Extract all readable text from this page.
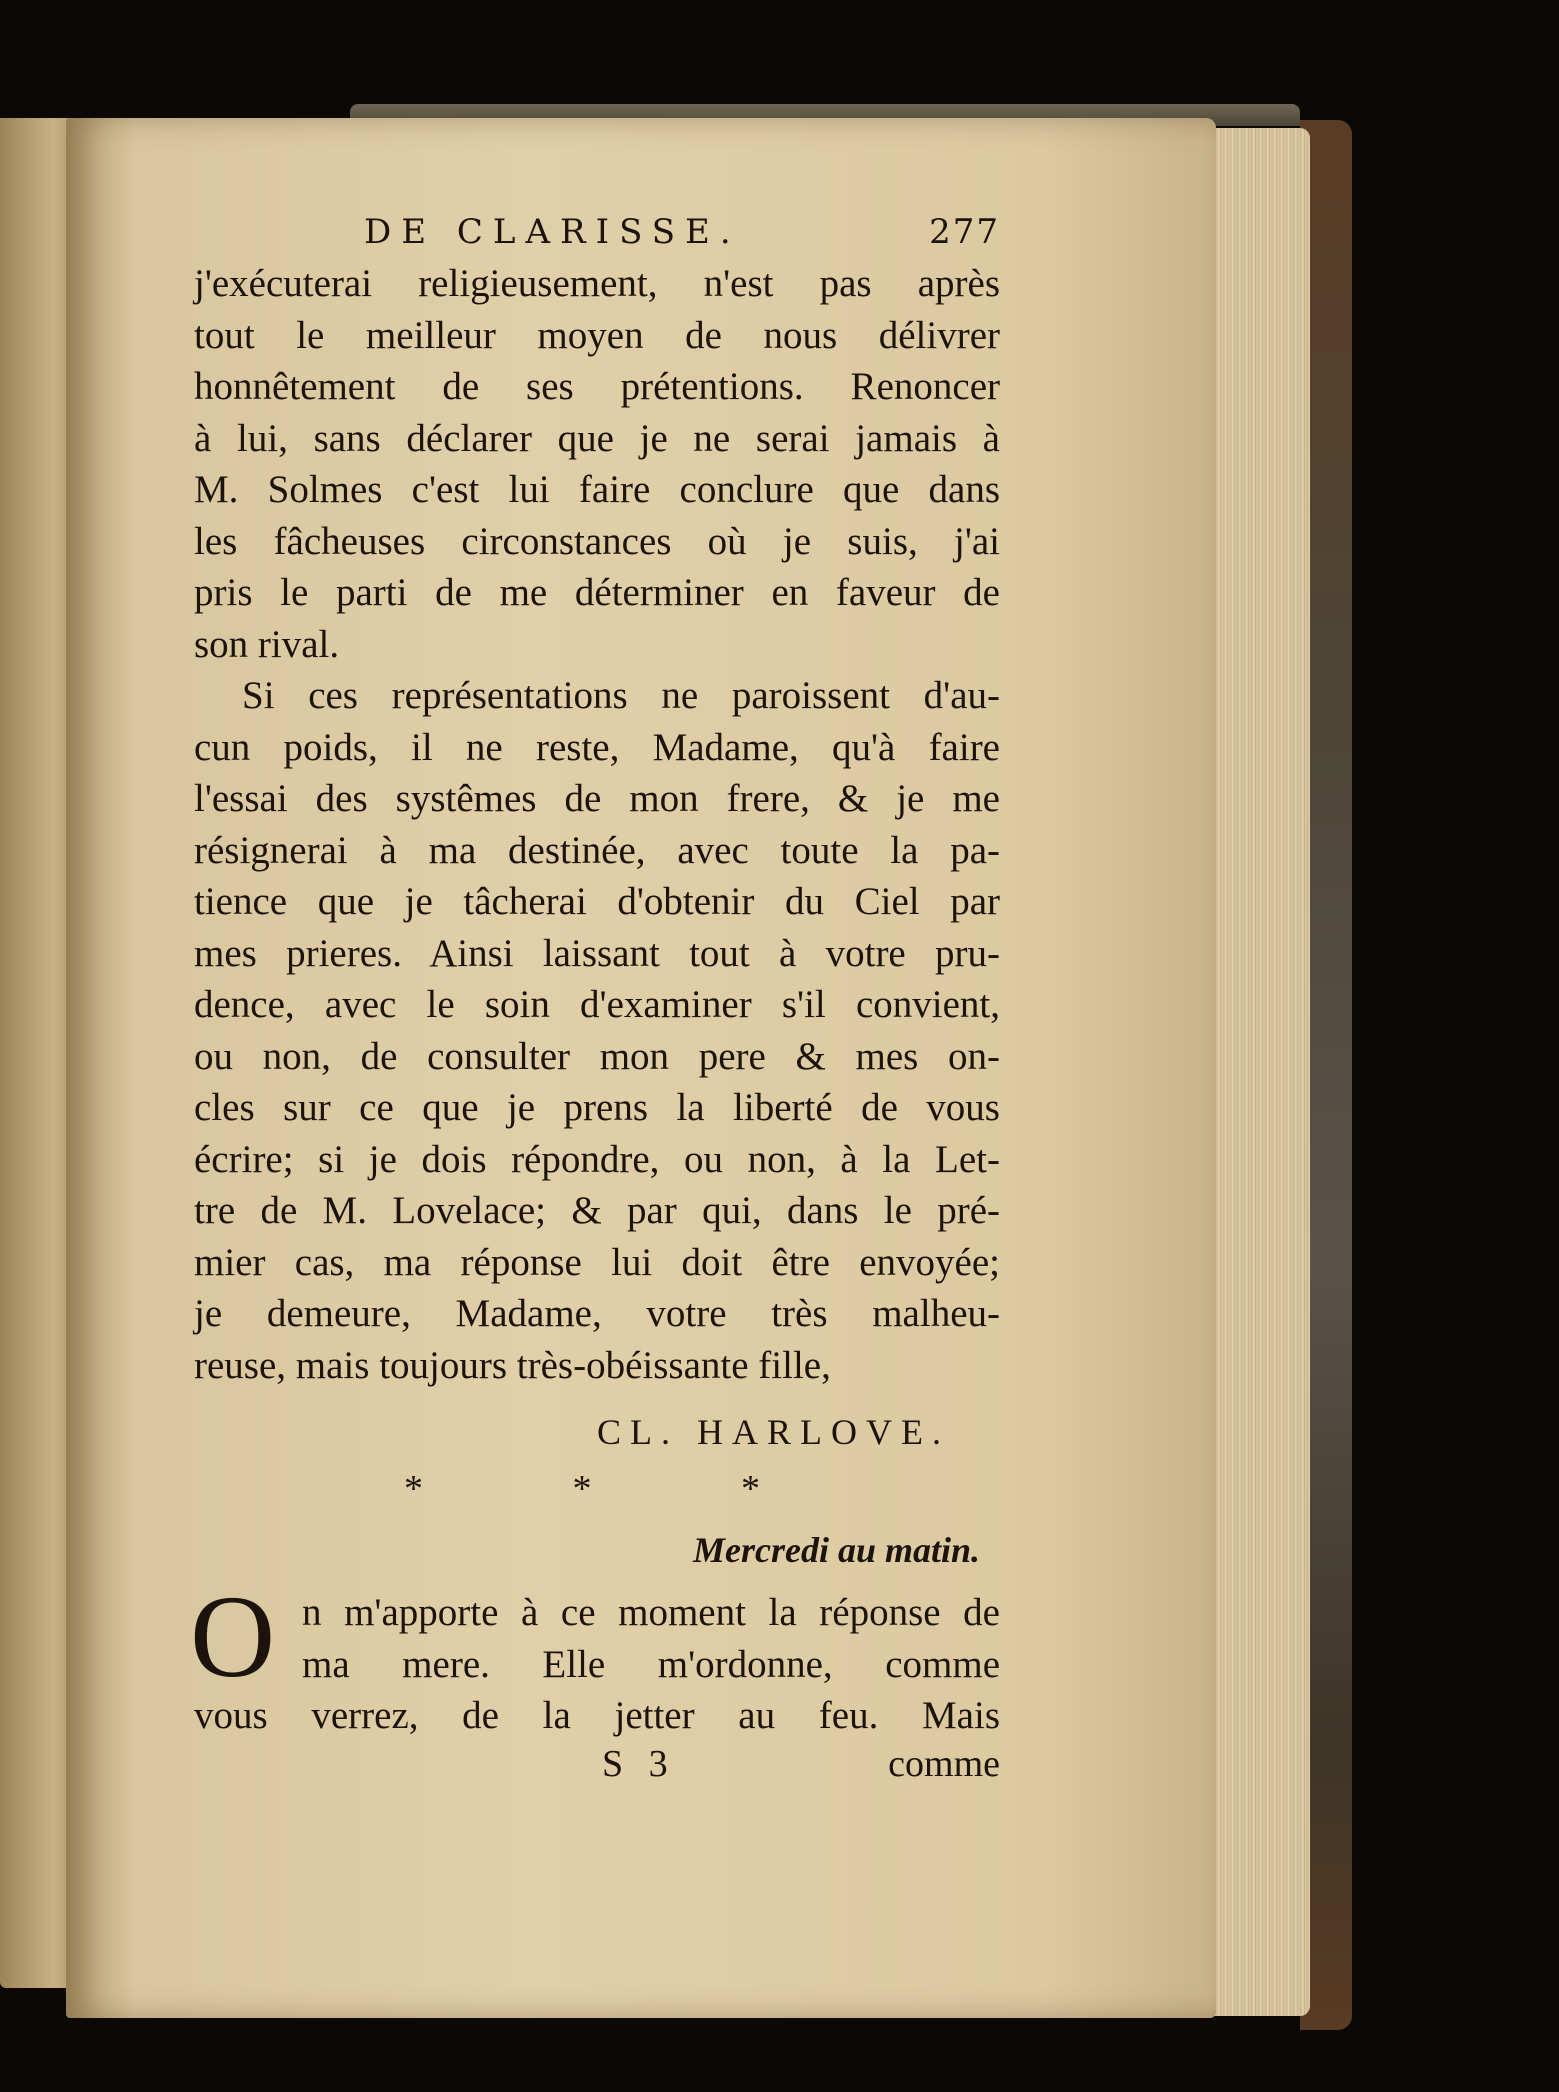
DE CLARISSE.	277
j'exécuterai religieusement, n'est pas après
tout le meilleur moyen de nous délivrer
honnêtement de ses prétentions. Renoncer
à lui, sans déclarer que je ne serai jamais à
M. Solmes c'est lui faire conclure que dans
les fâcheuses circonstances où je suis, j'ai
pris le parti de me déterminer en faveur de
son rival.
Si ces représentations ne paroissent d'au-
cun poids, il ne reste, Madame, qu'à faire
l'essai des systêmes de mon frere, & je me
résignerai à ma destinée, avec toute la pa-
tience que je tâcherai d'obtenir du Ciel par
mes prieres. Ainsi laissant tout à votre pru-
dence, avec le soin d'examiner s'il convient,
ou non, de consulter mon pere & mes on-
cles sur ce que je prens la liberté de vous
écrire; si je dois répondre, ou non, à la Let-
tre de M. Lovelace; & par qui, dans le pré-
mier cas, ma réponse lui doit être envoyée;
je demeure, Madame, votre très malheu-
reuse, mais toujours très-obéissante fille,
CL. HARLOVE.
* * *
Mercredi au matin.
O n m'apporte à ce moment la réponse de
ma mere. Elle m'ordonne, comme
vous verrez, de la jetter au feu. Mais
S 3	comme
